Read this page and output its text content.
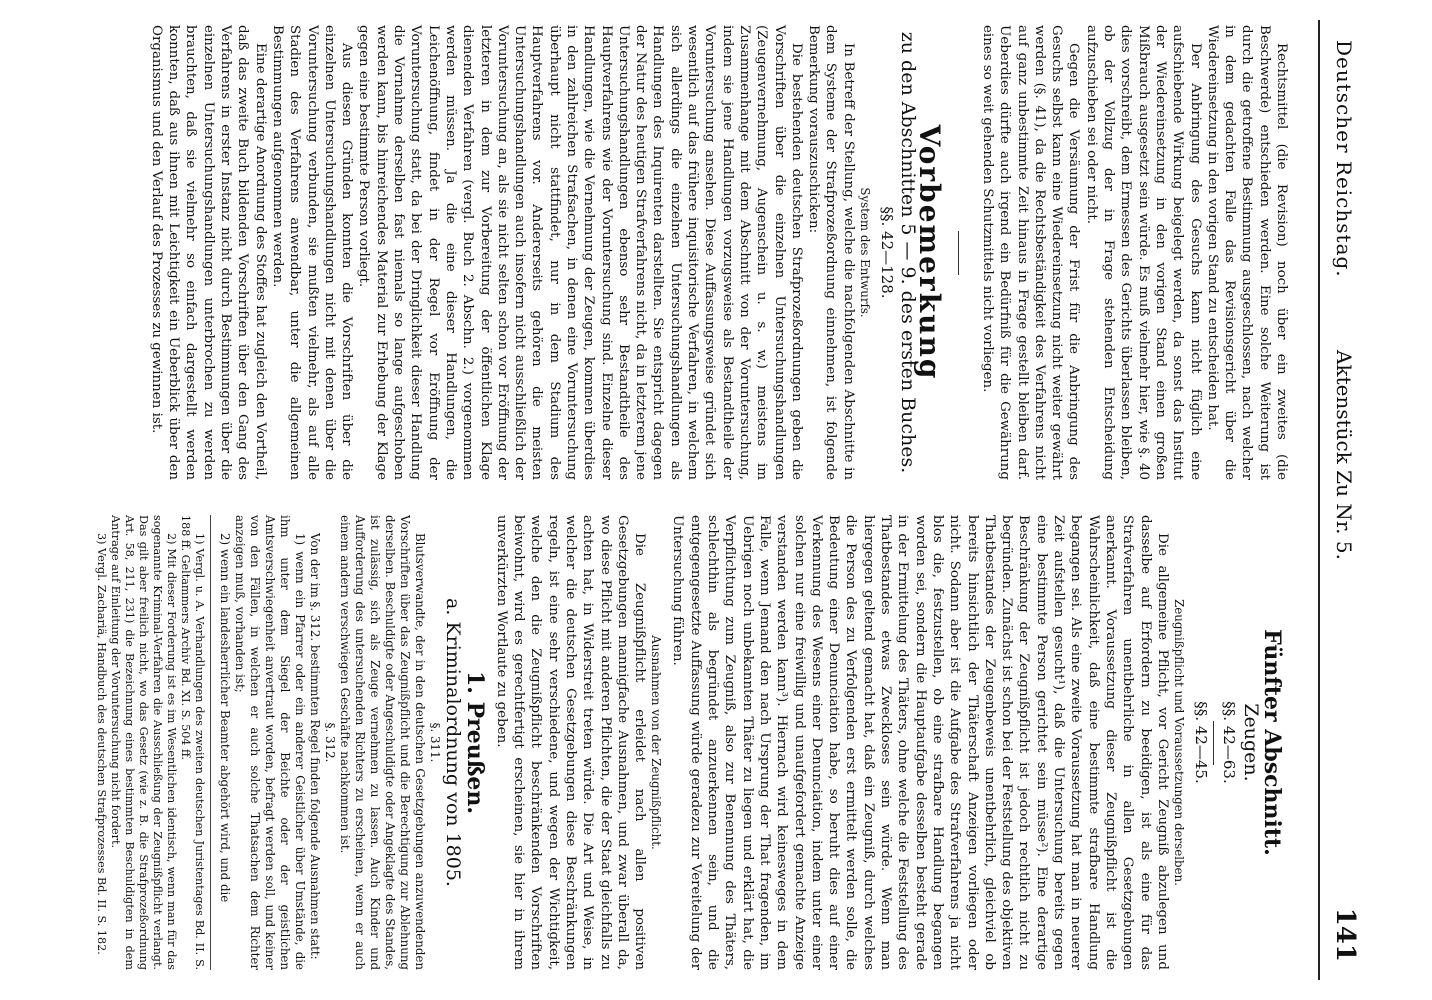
Deutscher Reichstag.
Aktenstück Zu Nr. 5.
141

Rechtsmittel (die Revision) noch über ein zweites (die Beschwerde) entschieden werden. Eine solche Weiterung ist durch die getroffene Bestimmung ausgeschlossen, nach welcher in dem gedachten Falle das Revisionsgericht über die Wiedereinsetzung in den vorigen Stand zu entscheiden hat.

Der Anbringung des Gesuchs kann nicht füglich eine aufschiebende Wirkung beigelegt werden, da sonst das Institut der Wiedereinsetzung in den vorigen Stand einen großen Mißbrauch ausgesetzt sein würde. Es muß vielmehr hier, wie §. 40 dies vorschreibt, dem Ermessen des Gerichts überlassen bleiben, ob der Vollzug der in Frage stehenden Entscheidung aufzuschieben sei oder nicht.

Gegen die Versäumung der Frist für die Anbringung des Gesuchs selbst kann eine Wiedereinsetzung nicht weiter gewährt werden (§. 41), da die Rechtsbeständigkeit des Verfahrens nicht auf ganz unbestimmte Zeit hinaus in Frage gestellt bleiben darf. Ueberdies dürfte auch irgend ein Bedürfniß für die Gewährung eines so weit gehenden Schutzmittels nicht vorliegen.

Vorbemerkung
zu den Abschnitten 5 — 9. des ersten Buches.
§§. 42—128.
System des Entwurfs.

In Betreff der Stellung, welche die nachfolgenden Abschnitte in dem Systeme der Strafprozeßordnung einnehmen, ist folgende Bemerkung vorauszuschicken:

Die bestehenden deutschen Strafprozeßordnungen geben die Vorschriften über die einzelnen Untersuchungshandlungen (Zeugenvernehmung, Augenschein u. s. w.) meistens im Zusammenhange mit dem Abschnitt von der Voruntersuchung, indem sie jene Handlungen vorzugsweise als Bestandtheile der Voruntersuchung ansehen. Diese Auffassungsweise gründet sich wesentlich auf das frühere inquisitorische Verfahren, in welchem sich allerdings die einzelnen Untersuchungshandlungen als Handlungen des Inquirenten darstellten. Sie entspricht dagegen der Natur des heutigen Strafverfahrens nicht, da in letzterem jene Untersuchungshandlungen ebenso sehr Bestandtheile des Hauptverfahrens wie der Voruntersuchung sind. Einzelne dieser Handlungen, wie die Vernehmung der Zeugen, kommen überdies in den zahlreichen Strafsachen, in denen eine Voruntersuchung überhaupt nicht stattfindet, nur in dem Stadium des Hauptverfahrens vor. Andererseits gehören die meisten Untersuchungshandlungen auch insofern nicht ausschließlich der Voruntersuchung an, als sie nicht selten schon vor Eröffnung der letzteren in dem zur Vorbereitung der öffentlichen Klage dienenden Verfahren (vergl. Buch 2. Abschn. 2.) vorgenommen werden müssen. Ja die eine dieser Handlungen, die Leichenöffnung, findet in der Regel vor Eröffnung der Voruntersuchung statt, da bei der Dringlichkeit dieser Handlung die Vornahme derselben fast niemals so lange aufgeschoben werden kann, bis hinreichendes Material zur Erhebung der Klage gegen eine bestimmte Person vorliegt.

Aus diesen Gründen konnten die Vorschriften über die einzelnen Untersuchungshandlungen nicht mit denen über die Voruntersuchung verbunden, sie mußten vielmehr, als auf alle Stadien des Verfahrens anwendbar, unter die allgemeinen Bestimmungen aufgenommen werden.

Eine derartige Anordnung des Stoffes hat zugleich den Vortheil, daß das zweite Buch bildenden Vorschriften über den Gang des Verfahrens in erster Instanz nicht durch Bestimmungen über die einzelnen Untersuchungshandlungen unterbrochen zu werden brauchten, daß sie vielmehr so einfach dargestellt werden konnten, daß aus ihnen mit Leichtigkeit ein Ueberblick über den Organismus und den Verlauf des Prozesses zu gewinnen ist.

Fünfter Abschnitt.
Zeugen.
§§. 42—63.
§§. 42—45.
Zeugnißpflicht und Voraussetzungen derselben.

Die allgemeine Pflicht, vor Gericht Zeugniß abzulegen und dasselbe auf Erfordern zu beeidigen, ist als eine für das Strafverfahren unentbehrliche in allen Gesetzgebungen anerkannt. Voraussetzung dieser Zeugnißpflicht ist die Wahrscheinlichkeit, daß eine bestimmte strafbare Handlung begangen sei. Als eine zweite Voraussetzung hat man in neuerer Zeit aufstellen gesucht¹), daß die Untersuchung bereits gegen eine bestimmte Person gerichtet sein müsse²). Eine derartige Beschränkung der Zeugnißpflicht ist jedoch rechtlich nicht zu begründen. Zunächst ist schon bei der Feststellung des objektiven Thatbestandes der Zeugenbeweis unentbehrlich, gleichviel ob bereits hinsichtlich der Thäterschaft Anzeigen vorliegen oder nicht. Sodann aber ist die Aufgabe des Strafverfahrens ja nicht blos die, festzustellen, ob eine strafbare Handlung begangen worden sei, sondern die Hauptaufgabe desselben besteht gerade in der Ermittelung des Thäters, ohne welche die Feststellung des Thatbestandes etwas Zweckloses sein würde. Wenn man hiergegen geltend gemacht hat, daß ein Zeugniß, durch welches die Person des zu Verfolgenden erst ermittelt werden solle, die Bedeutung einer Denunciation habe, so beruht dies auf einer Verkennung des Wesens einer Denunciation, indem unter einer solchen nur eine freiwillig und unaufgefordert gemachte Anzeige verstanden werden kann³). Hiernach wird keinesweges in dem Falle, wenn Jemand den nach Ursprung der That fragenden, im Uebrigen noch unbekannten Thäter zu liegen und erklärt hat, die Verpflichtung zum Zeugniß, also zur Benennung des Thäters, schlechthin als begründet anzuerkennen sein, und die entgegengesetzte Auffassung würde geradezu zur Vereitelung der Untersuchung führen.

Ausnahmen von der Zeugnißpflicht.

Die Zeugnißpflicht erleidet nach allen positiven Gesetzgebungen mannigfache Ausnahmen, und zwar überall da, wo diese Pflicht mit anderen Pflichten, die der Staat gleichfalls zu achten hat, in Widerstreit treten würde. Die Art und Weise, in welcher die deutschen Gesetzgebungen diese Beschränkungen regeln, ist eine sehr verschiedene, und wegen der Wichtigkeit, welche den die Zeugnißpflicht beschränkenden Vorschriften beiwohnt, wird es gerechtfertigt erscheinen, sie hier in ihrem unverkürzten Wortlaute zu geben.

1. Preußen.
a. Kriminalordnung von 1805.
§. 311.

Blutsverwandte, der in den deutschen Gesetzgebungen anzuwendenden Vorschriften über das Zeugnißpflicht und die Berechtigung zur Ablehnung derselben. Beschuldigte oder Angeschuldigte oder Angeklagte des Standes, ist zulässig, sich als Zeuge vernehmen zu lassen. Auch Kinder und Aufforderung des untersuchenden Richters zu erscheinen, wenn er auch einem andern verschwiegen Geschäfte nachkommen ist.

§. 312.

Von der im §. 312. bestimmten Regel finden folgende Ausnahmen statt:

1) wenn ein Pfarrer oder ein anderer Geistlicher über Umstände, die ihm unter dem Siegel der Beichte oder der geistlichen Amtsverschwiegenheit anvertraut worden, befragt werden soll, und keiner von den Fällen, in welchen er auch solche Thatsachen dem Richter anzeigen muß, vorhanden ist;

2) wenn ein landesherrlicher Beamter abgehört wird, und die

1) Vergl. u. A. Verhandlungen des zweiten deutschen Juristentages Bd. II. S. 188 ff. Geltammers Archiv Bd. XI. S. 504 ff.

2) Mit dieser Forderung ist es im Wesentlichen identisch, wenn man für das sogenannte Kriminal-Verfahren die Ausschließung der Zeugnißpflicht verlangt. Das gilt aber freilich nicht, wo das Gesetz (wie z. B. die Strafprozeßordnung Art. 58, 211, 231) die Bezeichnung eines bestimmten Beschuldigten in dem Antrage auf Einleitung der Voruntersuchung nicht fordert.

3) Vergl. Zachariä, Handbuch des deutschen Strafprozesses Bd. II. S. 182.
